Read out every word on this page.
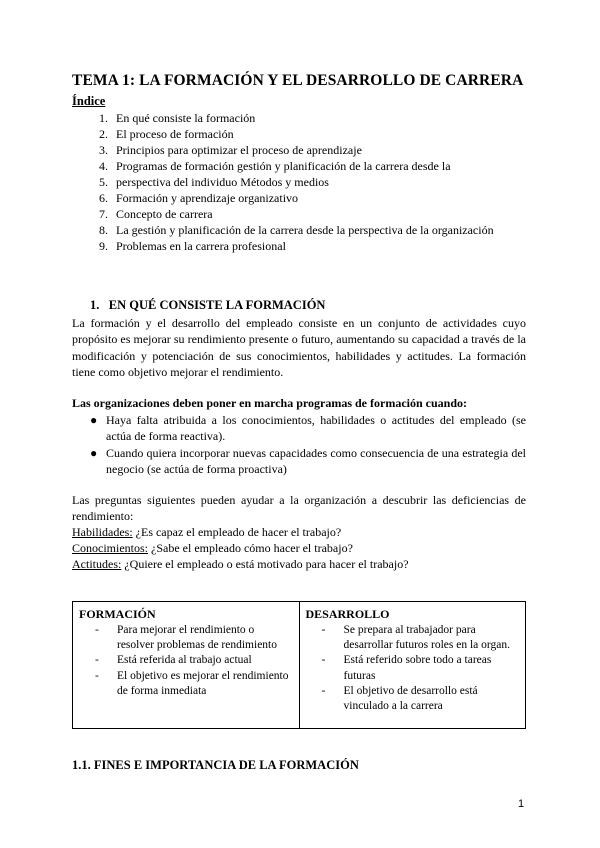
TEMA 1: LA FORMACIÓN Y EL DESARROLLO DE CARRERA
Índice
1. En qué consiste la formación
2. El proceso de formación
3. Principios para optimizar el proceso de aprendizaje
4. Programas de formación gestión y planificación de la carrera desde la
5. perspectiva del individuo Métodos y medios
6. Formación y aprendizaje organizativo
7. Concepto de carrera
8. La gestión y planificación de la carrera desde la perspectiva de la organización
9. Problemas en la carrera profesional
1.   EN QUÉ CONSISTE LA FORMACIÓN
La formación y el desarrollo del empleado consiste en un conjunto de actividades cuyo propósito es mejorar su rendimiento presente o futuro, aumentando su capacidad a través de la modificación y potenciación de sus conocimientos, habilidades y actitudes. La formación tiene como objetivo mejorar el rendimiento.
Las organizaciones deben poner en marcha programas de formación cuando:
● Haya falta atribuida a los conocimientos, habilidades o actitudes del empleado (se actúa de forma reactiva).
● Cuando quiera incorporar nuevas capacidades como consecuencia de una estrategia del negocio (se actúa de forma proactiva)
Las preguntas siguientes pueden ayudar a la organización a descubrir las deficiencias de rendimiento:
Habilidades: ¿Es capaz el empleado de hacer el trabajo?
Conocimientos: ¿Sabe el empleado cómo hacer el trabajo?
Actitudes: ¿Quiere el empleado o está motivado para hacer el trabajo?
FORMACIÓN
- Para mejorar el rendimiento o resolver problemas de rendimiento
- Está referida al trabajo actual
- El objetivo es mejorar el rendimiento de forma inmediata

DESARROLLO
- Se prepara al trabajador para desarrollar futuros roles en la organ.
- Está referido sobre todo a tareas futuras
- El objetivo de desarrollo está vinculado a la carrera
1.1. FINES E IMPORTANCIA DE LA FORMACIÓN
1
